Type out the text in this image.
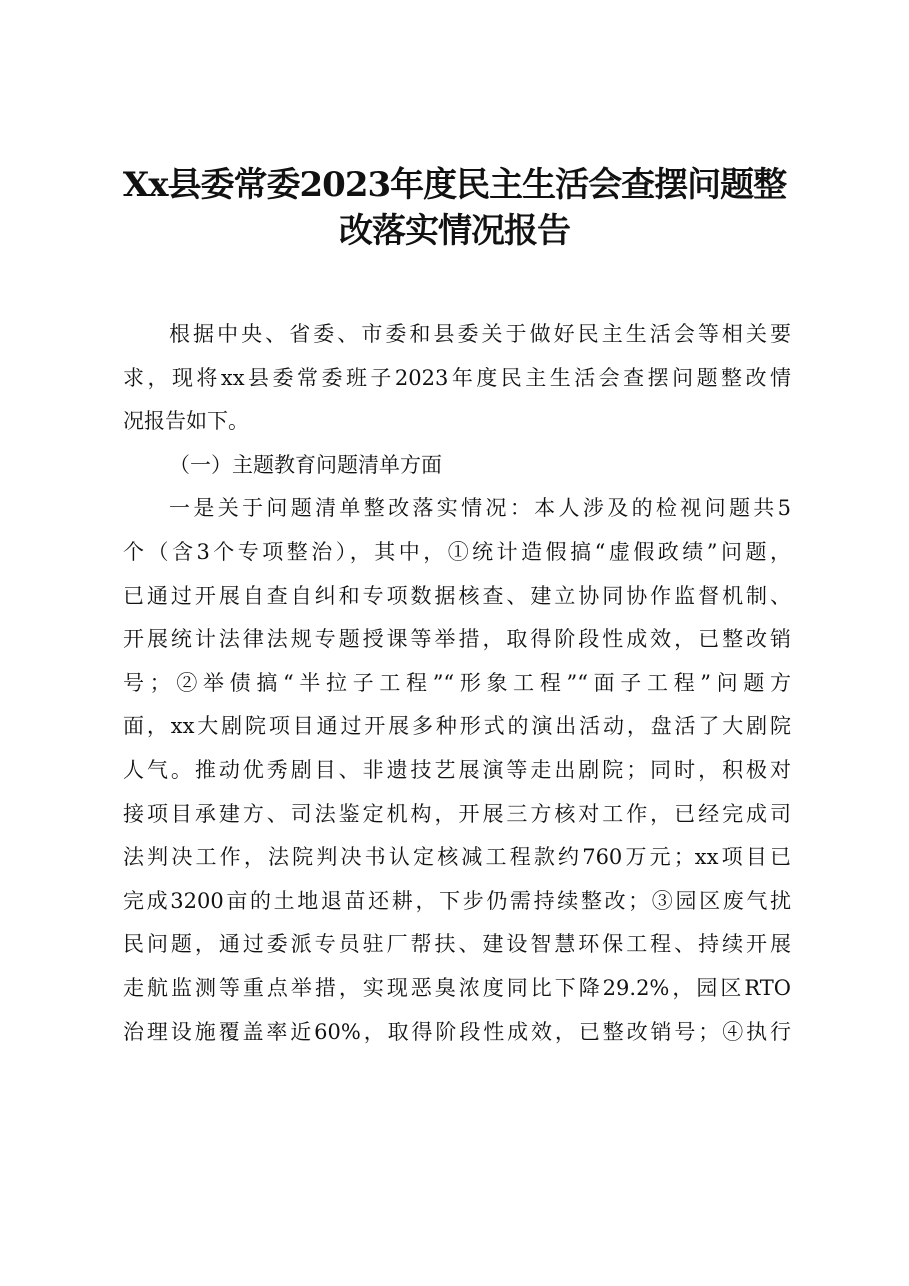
Xx县委常委2023年度民主生活会查摆问题整
改落实情况报告
根据中央、省委、市委和县委关于做好民主生活会等相关要
求，现将xx县委常委班子2023年度民主生活会查摆问题整改情
况报告如下。
（一）主题教育问题清单方面
一是关于问题清单整改落实情况：本人涉及的检视问题共5
个（含3个专项整治），其中，①统计造假搞“虚假政绩”问题，
已通过开展自查自纠和专项数据核查、建立协同协作监督机制、
开展统计法律法规专题授课等举措，取得阶段性成效，已整改销
号；②举债搞“半拉子工程”“形象工程”“面子工程”问题方
面，xx大剧院项目通过开展多种形式的演出活动，盘活了大剧院
人气。推动优秀剧目、非遗技艺展演等走出剧院；同时，积极对
接项目承建方、司法鉴定机构，开展三方核对工作，已经完成司
法判决工作，法院判决书认定核减工程款约760万元；xx项目已
完成3200亩的土地退苗还耕，下步仍需持续整改；③园区废气扰
民问题，通过委派专员驻厂帮扶、建设智慧环保工程、持续开展
走航监测等重点举措，实现恶臭浓度同比下降29.2%，园区RTO
治理设施覆盖率近60%，取得阶段性成效，已整改销号；④执行
